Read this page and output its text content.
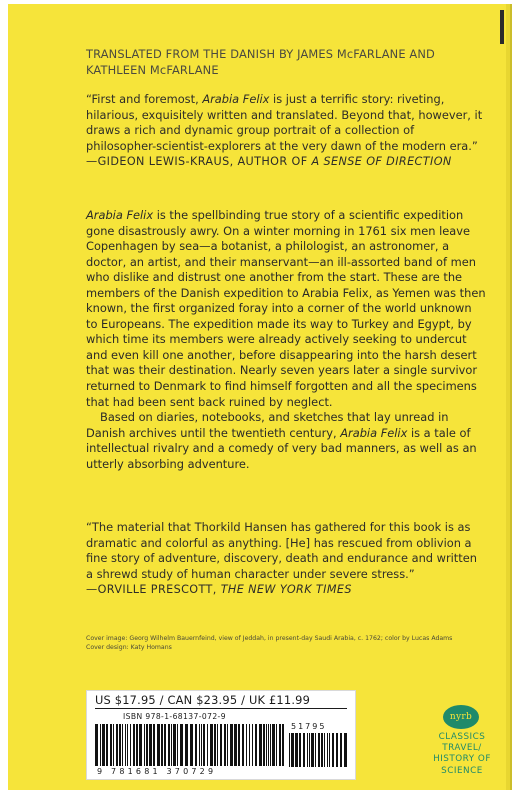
TRANSLATED FROM THE DANISH BY JAMES McFARLANE AND KATHLEEN McFARLANE
“First and foremost, Arabia Felix is just a terrific story: riveting, hilarious, exquisitely written and translated. Beyond that, however, it draws a rich and dynamic group portrait of a collection of philosopher-scientist-explorers at the very dawn of the modern era.”
—GIDEON LEWIS-KRAUS, AUTHOR OF A SENSE OF DIRECTION

Arabia Felix is the spellbinding true story of a scientific expedition gone disastrously awry. On a winter morning in 1761 six men leave Copenhagen by sea—a botanist, a philologist, an astronomer, a doctor, an artist, and their manservant—an ill-assorted band of men who dislike and distrust one another from the start. These are the members of the Danish expedition to Arabia Felix, as Yemen was then known, the first organized foray into a corner of the world unknown to Europeans. The expedition made its way to Turkey and Egypt, by which time its members were already actively seeking to undercut and even kill one another, before disappearing into the harsh desert that was their destination. Nearly seven years later a single survivor returned to Denmark to find himself forgotten and all the specimens that had been sent back ruined by neglect.

Based on diaries, notebooks, and sketches that lay unread in Danish archives until the twentieth century, Arabia Felix is a tale of intellectual rivalry and a comedy of very bad manners, as well as an utterly absorbing adventure.

“The material that Thorkild Hansen has gathered for this book is as dramatic and colorful as anything. [He] has rescued from oblivion a fine story of adventure, discovery, death and endurance and written a shrewd study of human character under severe stress.”
—ORVILLE PRESCOTT, THE NEW YORK TIMES
Cover image: Georg Wilhelm Bauernfeind, view of Jeddah, in present-day Saudi Arabia, c. 1762; color by Lucas Adams
Cover design: Katy Homans
US $17.95 / CAN $23.95 / UK £11.99
ISBN 978-1-68137-072-9
51795
9 781681 370729
nyrb
CLASSICS
TRAVEL/
HISTORY OF
SCIENCE
